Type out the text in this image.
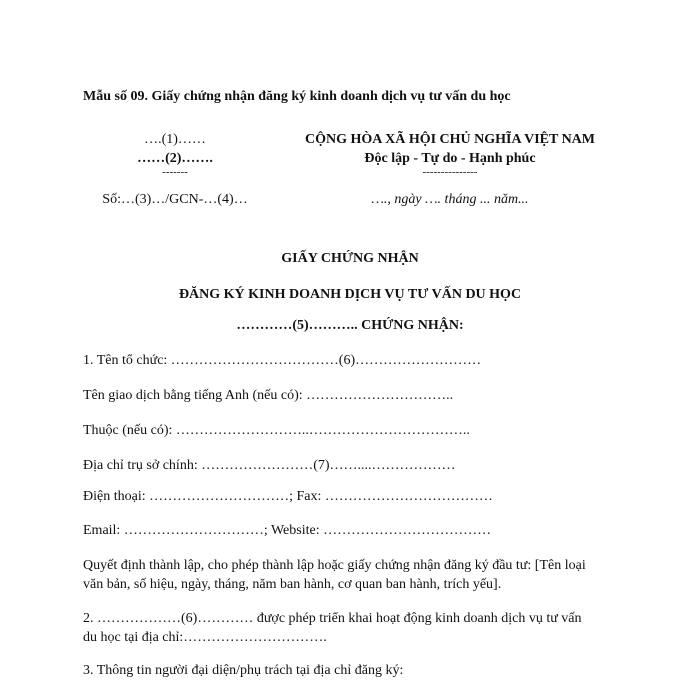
Mẫu số 09. Giấy chứng nhận đăng ký kinh doanh dịch vụ tư vấn du học
….(1)……
……(2)…….
-------
Số:…(3)…/GCN-…(4)…
CỘNG HÒA XÃ HỘI CHỦ NGHĨA VIỆT NAM
Độc lập - Tự do - Hạnh phúc
---------------
…., ngày …. tháng ... năm...
GIẤY CHỨNG NHẬN
ĐĂNG KÝ KINH DOANH DỊCH VỤ TƯ VẤN DU HỌC
…………(5)……….. CHỨNG NHẬN:
1. Tên tổ chức: ………………………………(6)………………………
Tên giao dịch bằng tiếng Anh (nếu có): …………………………..
Thuộc (nếu có): ………………………..……………………………..
Địa chỉ trụ sở chính: ……………………(7)……....………………
Điện thoại: …………………………; Fax: ………………………………
Email: …………………………; Website: ………………………………
Quyết định thành lập, cho phép thành lập hoặc giấy chứng nhận đăng ký đầu tư: [Tên loại
văn bản, số hiệu, ngày, tháng, năm ban hành, cơ quan ban hành, trích yếu].
2. ………………(6)………… được phép triển khai hoạt động kinh doanh dịch vụ tư vấn
du học tại địa chỉ:………………………….
3. Thông tin người đại diện/phụ trách tại địa chỉ đăng ký:
